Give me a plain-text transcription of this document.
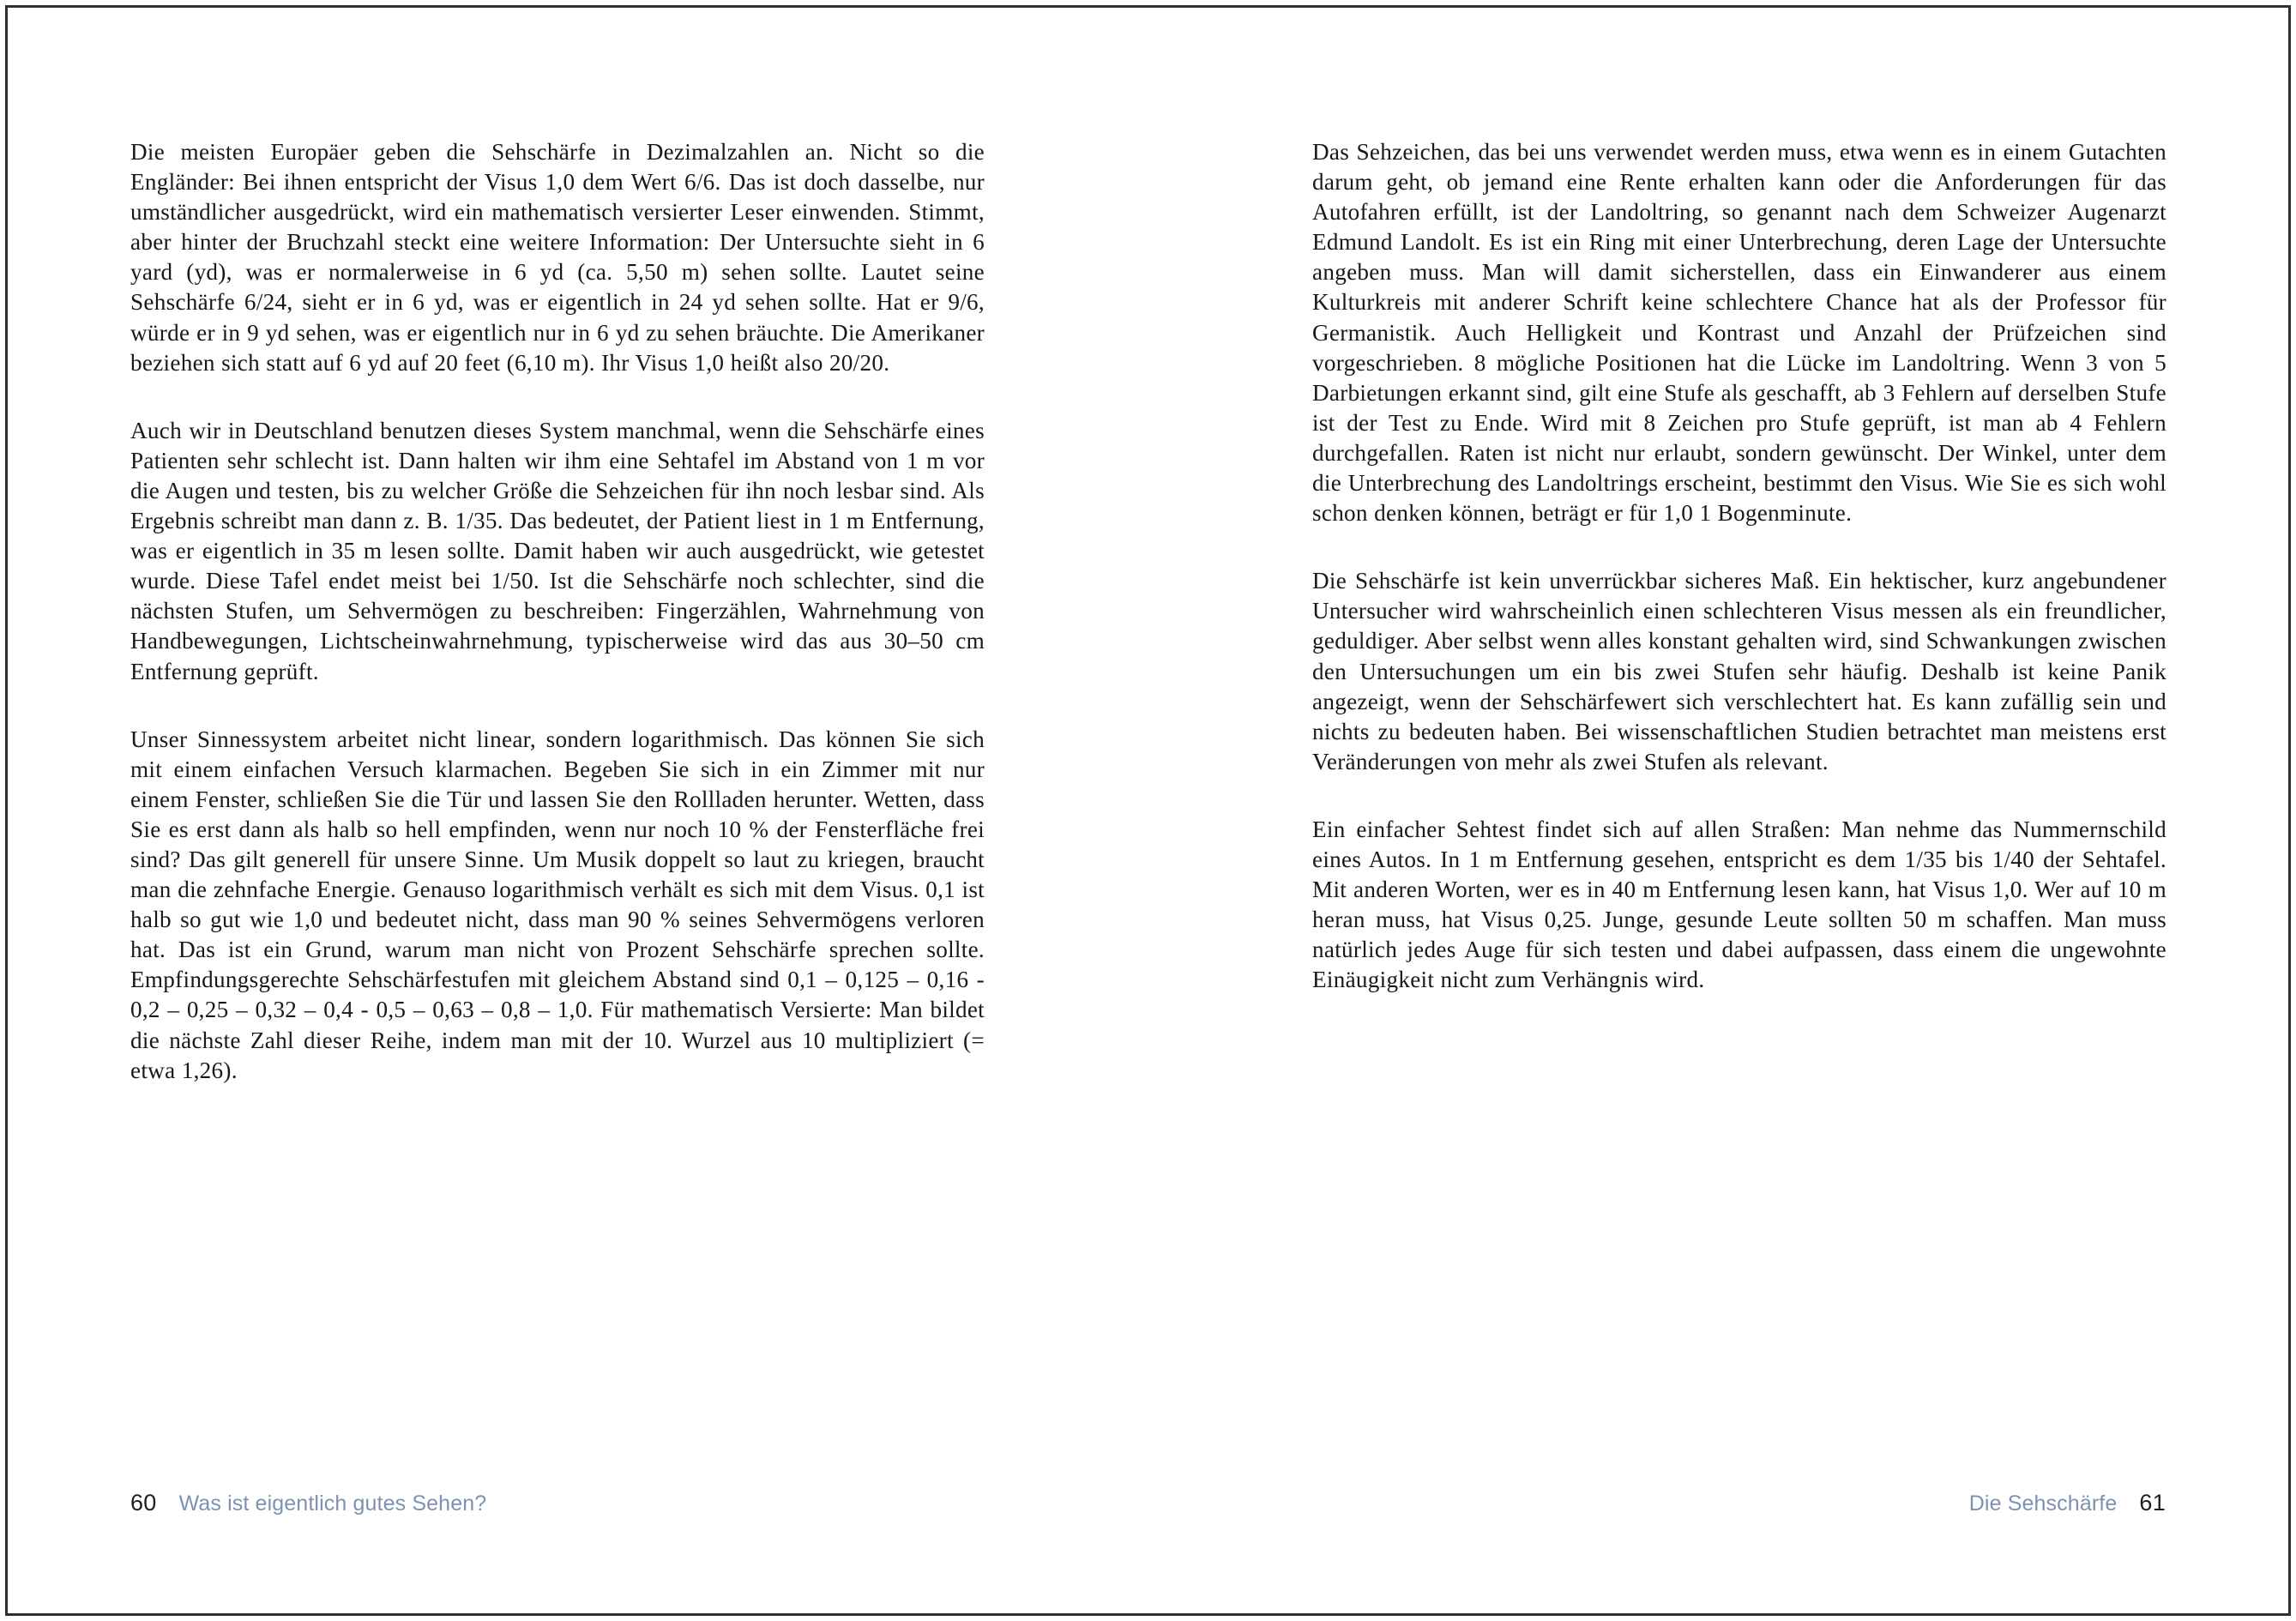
Die meisten Europäer geben die Sehschärfe in Dezimalzahlen an. Nicht so die Engländer: Bei ihnen entspricht der Visus 1,0 dem Wert 6/6. Das ist doch dasselbe, nur umständlicher ausgedrückt, wird ein mathematisch versierter Leser einwenden. Stimmt, aber hinter der Bruchzahl steckt eine weitere Information: Der Untersuchte sieht in 6 yard (yd), was er normalerweise in 6 yd (ca. 5,50 m) sehen sollte. Lautet seine Sehschärfe 6/24, sieht er in 6 yd, was er eigentlich in 24 yd sehen sollte. Hat er 9/6, würde er in 9 yd sehen, was er eigentlich nur in 6 yd zu sehen bräuchte. Die Amerikaner beziehen sich statt auf 6 yd auf 20 feet (6,10 m). Ihr Visus 1,0 heißt also 20/20.

Auch wir in Deutschland benutzen dieses System manchmal, wenn die Sehschärfe eines Patienten sehr schlecht ist. Dann halten wir ihm eine Sehtafel im Abstand von 1 m vor die Augen und testen, bis zu welcher Größe die Sehzeichen für ihn noch lesbar sind. Als Ergebnis schreibt man dann z. B. 1/35. Das bedeutet, der Patient liest in 1 m Entfernung, was er eigentlich in 35 m lesen sollte. Damit haben wir auch ausgedrückt, wie getestet wurde. Diese Tafel endet meist bei 1/50. Ist die Sehschärfe noch schlechter, sind die nächsten Stufen, um Sehvermögen zu beschreiben: Fingerzählen, Wahrnehmung von Handbewegungen, Lichtscheinwahrnehmung, typischerweise wird das aus 30–50 cm Entfernung geprüft.

Unser Sinnessystem arbeitet nicht linear, sondern logarithmisch. Das können Sie sich mit einem einfachen Versuch klarmachen. Begeben Sie sich in ein Zimmer mit nur einem Fenster, schließen Sie die Tür und lassen Sie den Rollladen herunter. Wetten, dass Sie es erst dann als halb so hell empfinden, wenn nur noch 10 % der Fensterfläche frei sind? Das gilt generell für unsere Sinne. Um Musik doppelt so laut zu kriegen, braucht man die zehnfache Energie. Genauso logarithmisch verhält es sich mit dem Visus. 0,1 ist halb so gut wie 1,0 und bedeutet nicht, dass man 90 % seines Sehvermögens verloren hat. Das ist ein Grund, warum man nicht von Prozent Sehschärfe sprechen sollte. Empfindungsgerechte Sehschärfestufen mit gleichem Abstand sind 0,1 – 0,125 – 0,16 - 0,2 – 0,25 – 0,32 – 0,4 - 0,5 – 0,63 – 0,8 – 1,0. Für mathematisch Versierte: Man bildet die nächste Zahl dieser Reihe, indem man mit der 10. Wurzel aus 10 multipliziert (= etwa 1,26).

Das Sehzeichen, das bei uns verwendet werden muss, etwa wenn es in einem Gutachten darum geht, ob jemand eine Rente erhalten kann oder die Anforderungen für das Autofahren erfüllt, ist der Landoltring, so genannt nach dem Schweizer Augenarzt Edmund Landolt. Es ist ein Ring mit einer Unterbrechung, deren Lage der Untersuchte angeben muss. Man will damit sicherstellen, dass ein Einwanderer aus einem Kulturkreis mit anderer Schrift keine schlechtere Chance hat als der Professor für Germanistik. Auch Helligkeit und Kontrast und Anzahl der Prüfzeichen sind vorgeschrieben. 8 mögliche Positionen hat die Lücke im Landoltring. Wenn 3 von 5 Darbietungen erkannt sind, gilt eine Stufe als geschafft, ab 3 Fehlern auf derselben Stufe ist der Test zu Ende. Wird mit 8 Zeichen pro Stufe geprüft, ist man ab 4 Fehlern durchgefallen. Raten ist nicht nur erlaubt, sondern gewünscht. Der Winkel, unter dem die Unterbrechung des Landoltrings erscheint, bestimmt den Visus. Wie Sie es sich wohl schon denken können, beträgt er für 1,0 1 Bogenminute.

Die Sehschärfe ist kein unverrückbar sicheres Maß. Ein hektischer, kurz angebundener Untersucher wird wahrscheinlich einen schlechteren Visus messen als ein freundlicher, geduldiger. Aber selbst wenn alles konstant gehalten wird, sind Schwankungen zwischen den Untersuchungen um ein bis zwei Stufen sehr häufig. Deshalb ist keine Panik angezeigt, wenn der Sehschärfewert sich verschlechtert hat. Es kann zufällig sein und nichts zu bedeuten haben. Bei wissenschaftlichen Studien betrachtet man meistens erst Veränderungen von mehr als zwei Stufen als relevant.

Ein einfacher Sehtest findet sich auf allen Straßen: Man nehme das Nummernschild eines Autos. In 1 m Entfernung gesehen, entspricht es dem 1/35 bis 1/40 der Sehtafel. Mit anderen Worten, wer es in 40 m Entfernung lesen kann, hat Visus 1,0. Wer auf 10 m heran muss, hat Visus 0,25. Junge, gesunde Leute sollten 50 m schaffen. Man muss natürlich jedes Auge für sich testen und dabei aufpassen, dass einem die ungewohnte Einäugigkeit nicht zum Verhängnis wird.

60 Was ist eigentlich gutes Sehen?	Die Sehschärfe 61
